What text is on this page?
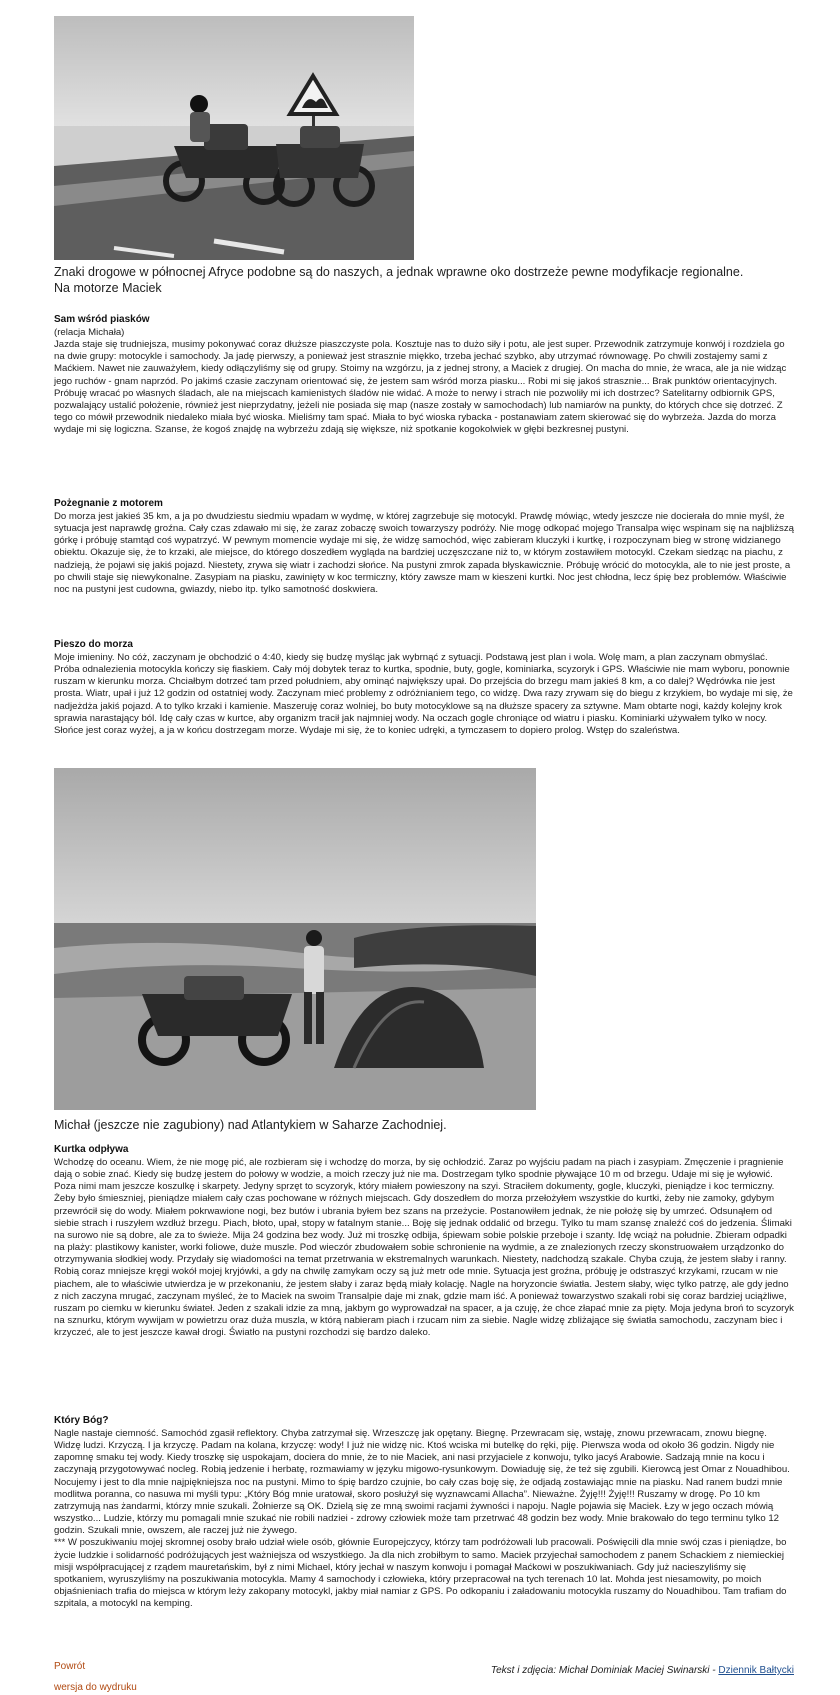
Znaki drogowe w północnej Afryce podobne są do naszych, a jednak wprawne oko dostrzeże pewne modyfikacje regionalne. Na motorze Maciek
Sam wśród piasków

(relacja Michała)

Jazda staje się trudniejsza, musimy pokonywać coraz dłuższe piaszczyste pola. Kosztuje nas to dużo siły i potu, ale jest super. Przewodnik zatrzymuje konwój i rozdziela go na dwie grupy: motocykle i samochody. Ja jadę pierwszy, a ponieważ jest strasznie miękko, trzeba jechać szybko, aby utrzymać równowagę. Po chwili zostajemy sami z Maćkiem. Nawet nie zauważyłem, kiedy odłączyliśmy się od grupy. Stoimy na wzgórzu, ja z jednej strony, a Maciek z drugiej. On macha do mnie, że wraca, ale ja nie widząc jego ruchów - gnam naprzód. Po jakimś czasie zaczynam orientować się, że jestem sam wśród morza piasku... Robi mi się jakoś strasznie... Brak punktów orientacyjnych. Próbuję wracać po własnych śladach, ale na miejscach kamienistych śladów nie widać. A może to nerwy i strach nie pozwoliły mi ich dostrzec? Satelitarny odbiornik GPS, pozwalający ustalić położenie, również jest nieprzydatny, jeżeli nie posiada się map (nasze zostały w samochodach) lub namiarów na punkty, do których chce się dotrzeć. Z tego co mówił przewodnik niedaleko miała być wioska. Mieliśmy tam spać. Miała to być wioska rybacka - postanawiam zatem skierować się do wybrzeża. Jazda do morza wydaje mi się logiczna. Szanse, że kogoś znajdę na wybrzeżu zdają się większe, niż spotkanie kogokolwiek w głębi bezkresnej pustyni.

Pożegnanie z motorem

Do morza jest jakieś 35 km, a ja po dwudziestu siedmiu wpadam w wydmę, w której zagrzebuje się motocykl. Prawdę mówiąc, wtedy jeszcze nie docierała do mnie myśl, że sytuacja jest naprawdę groźna. Cały czas zdawało mi się, że zaraz zobaczę swoich towarzyszy podróży. Nie mogę odkopać mojego Transalpa więc wspinam się na najbliższą górkę i próbuję stamtąd coś wypatrzyć. W pewnym momencie wydaje mi się, że widzę samochód, więc zabieram kluczyki i kurtkę, i rozpoczynam bieg w stronę widzianego obiektu. Okazuje się, że to krzaki, ale miejsce, do którego doszedłem wygląda na bardziej uczęszczane niż to, w którym zostawiłem motocykl. Czekam siedząc na piachu, z nadzieją, że pojawi się jakiś pojazd. Niestety, zrywa się wiatr i zachodzi słońce. Na pustyni zmrok zapada błyskawicznie. Próbuję wrócić do motocykla, ale to nie jest proste, a po chwili staje się niewykonalne. Zasypiam na piasku, zawinięty w koc termiczny, który zawsze mam w kieszeni kurtki. Noc jest chłodna, lecz śpię bez problemów. Właściwie noc na pustyni jest cudowna, gwiazdy, niebo itp. tylko samotność doskwiera.

Pieszo do morza

Moje imieniny. No cóż, zaczynam je obchodzić o 4:40, kiedy się budzę myśląc jak wybrnąć z sytuacji. Podstawą jest plan i wola. Wolę mam, a plan zaczynam obmyślać. Próba odnalezienia motocykla kończy się fiaskiem. Cały mój dobytek teraz to kurtka, spodnie, buty, gogle, kominiarka, scyzoryk i GPS. Właściwie nie mam wyboru, ponownie ruszam w kierunku morza. Chciałbym dotrzeć tam przed południem, aby ominąć największy upał. Do przejścia do brzegu mam jakieś 8 km, a co dalej? Wędrówka nie jest prosta. Wiatr, upał i już 12 godzin od ostatniej wody. Zaczynam mieć problemy z odróżnianiem tego, co widzę. Dwa razy zrywam się do biegu z krzykiem, bo wydaje mi się, że nadjeżdża jakiś pojazd. A to tylko krzaki i kamienie. Maszeruję coraz wolniej, bo buty motocyklowe są na dłuższe spacery za sztywne. Mam obtarte nogi, każdy kolejny krok sprawia narastający ból. Idę cały czas w kurtce, aby organizm tracił jak najmniej wody. Na oczach gogle chroniące od wiatru i piasku. Kominiarki używałem tylko w nocy. Słońce jest coraz wyżej, a ja w końcu dostrzegam morze. Wydaje mi się, że to koniec udręki, a tymczasem to dopiero prolog. Wstęp do szaleństwa.

Michał (jeszcze nie zagubiony) nad Atlantykiem w Saharze Zachodniej.
Kurtka odpływa

Wchodzę do oceanu. Wiem, że nie mogę pić, ale rozbieram się i wchodzę do morza, by się ochłodzić. Zaraz po wyjściu padam na piach i zasypiam. Zmęczenie i pragnienie dają o sobie znać. Kiedy się budzę jestem do połowy w wodzie, a moich rzeczy już nie ma. Dostrzegam tylko spodnie pływające 10 m od brzegu. Udaje mi się je wyłowić. Poza nimi mam jeszcze koszulkę i skarpety. Jedyny sprzęt to scyzoryk, który miałem powieszony na szyi. Straciłem dokumenty, gogle, kluczyki, pieniądze i koc termiczny. Żeby było śmieszniej, pieniądze miałem cały czas pochowane w różnych miejscach. Gdy doszedłem do morza przełożyłem wszystkie do kurtki, żeby nie zamoky, gdybym przewrócił się do wody. Miałem pokrwawione nogi, bez butów i ubrania byłem bez szans na przeżycie. Postanowiłem jednak, że nie położę się by umrzeć. Odsunąłem od siebie strach i ruszyłem wzdłuż brzegu. Piach, błoto, upał, stopy w fatalnym stanie... Boję się jednak oddalić od brzegu. Tylko tu mam szansę znaleźć coś do jedzenia. Ślimaki na surowo nie są dobre, ale za to świeże. Mija 24 godzina bez wody. Już mi troszkę odbija, śpiewam sobie polskie przeboje i szanty. Idę wciąż na południe. Zbieram odpadki na plaży: plastikowy kanister, worki foliowe, duże muszle. Pod wieczór zbudowałem sobie schronienie na wydmie, a ze znalezionych rzeczy skonstruowałem urządzonko do otrzymywania słodkiej wody. Przydały się wiadomości na temat przetrwania w ekstremalnych warunkach. Niestety, nadchodzą szakale. Chyba czują, że jestem słaby i ranny. Robią coraz mniejsze kręgi wokół mojej kryjówki, a gdy na chwilę zamykam oczy są już metr ode mnie. Sytuacja jest groźna, próbuję je odstraszyć krzykami, rzucam w nie piachem, ale to właściwie utwierdza je w przekonaniu, że jestem słaby i zaraz będą miały kolację. Nagle na horyzoncie światła. Jestem słaby, więc tylko patrzę, ale gdy jedno z nich zaczyna mrugać, zaczynam myśleć, że to Maciek na swoim Transalpie daje mi znak, gdzie mam iść. A ponieważ towarzystwo szakali robi się coraz bardziej uciążliwe, ruszam po ciemku w kierunku świateł. Jeden z szakali idzie za mną, jakbym go wyprowadzał na spacer, a ja czuję, że chce złapać mnie za pięty. Moja jedyna broń to scyzoryk na sznurku, którym wywijam w powietrzu oraz duża muszla, w którą nabieram piach i rzucam nim za siebie. Nagle widzę zbliżające się światła samochodu, zaczynam biec i krzyczeć, ale to jest jeszcze kawał drogi. Światło na pustyni rozchodzi się bardzo daleko.

Który Bóg?

Nagle nastaje ciemność. Samochód zgasił reflektory. Chyba zatrzymał się. Wrzeszczę jak opętany. Biegnę. Przewracam się, wstaję, znowu przewracam, znowu biegnę. Widzę ludzi. Krzyczą. I ja krzyczę. Padam na kolana, krzyczę: wody! I już nie widzę nic. Ktoś wciska mi butelkę do ręki, piję. Pierwsza woda od około 36 godzin. Nigdy nie zapomnę smaku tej wody. Kiedy troszkę się uspokajam, dociera do mnie, że to nie Maciek, ani nasi przyjaciele z konwoju, tylko jacyś Arabowie. Sadzają mnie na kocu i zaczynają przygotowywać nocleg. Robią jedzenie i herbatę, rozmawiamy w języku migowo-rysunkowym. Dowiaduję się, że też się zgubili. Kierowcą jest Omar z Nouadhibou. Nocujemy i jest to dla mnie najpiękniejsza noc na pustyni. Mimo to śpię bardzo czujnie, bo cały czas boję się, że odjadą zostawiając mnie na piasku. Nad ranem budzi mnie modlitwa poranna, co nasuwa mi myśli typu: „Który Bóg mnie uratował, skoro posłużył się wyznawcami Allacha”. Nieważne. Żyję!!! Żyję!!! Ruszamy w drogę. Po 10 km zatrzymują nas żandarmi, którzy mnie szukali. Żołnierze są OK. Dzielą się ze mną swoimi racjami żywności i napoju. Nagle pojawia się Maciek. Łzy w jego oczach mówią wszystko... Ludzie, którzy mu pomagali mnie szukać nie robili nadziei - zdrowy człowiek może tam przetrwać 48 godzin bez wody. Mnie brakowało do tego terminu tylko 12 godzin. Szukali mnie, owszem, ale raczej już nie żywego.

*** W poszukiwaniu mojej skromnej osoby brało udział wiele osób, głównie Europejczycy, którzy tam podróżowali lub pracowali. Poświęcili dla mnie swój czas i pieniądze, bo życie ludzkie i solidarność podróżujących jest ważniejsza od wszystkiego. Ja dla nich zrobiłbym to samo. Maciek przyjechał samochodem z panem Schackiem z niemieckiej misji współpracującej z rządem mauretańskim, był z nimi Michael, który jechał w naszym konwoju i pomagał Maćkowi w poszukiwaniach. Gdy już nacieszyliśmy się spotkaniem, wyruszyliśmy na poszukiwania motocykla. Mamy 4 samochody i człowieka, który przepracował na tych terenach 10 lat. Mohda jest niesamowity, po moich objaśnieniach trafia do miejsca w którym leży zakopany motocykl, jakby miał namiar z GPS. Po odkopaniu i załadowaniu motocykla ruszamy do Nouadhibou. Tam trafiam do szpitala, a motocykl na kemping.

Powrót	Tekst i zdjęcia: Michał Dominiak Maciej Swinarski - Dziennik Bałtycki
wersja do wydruku
